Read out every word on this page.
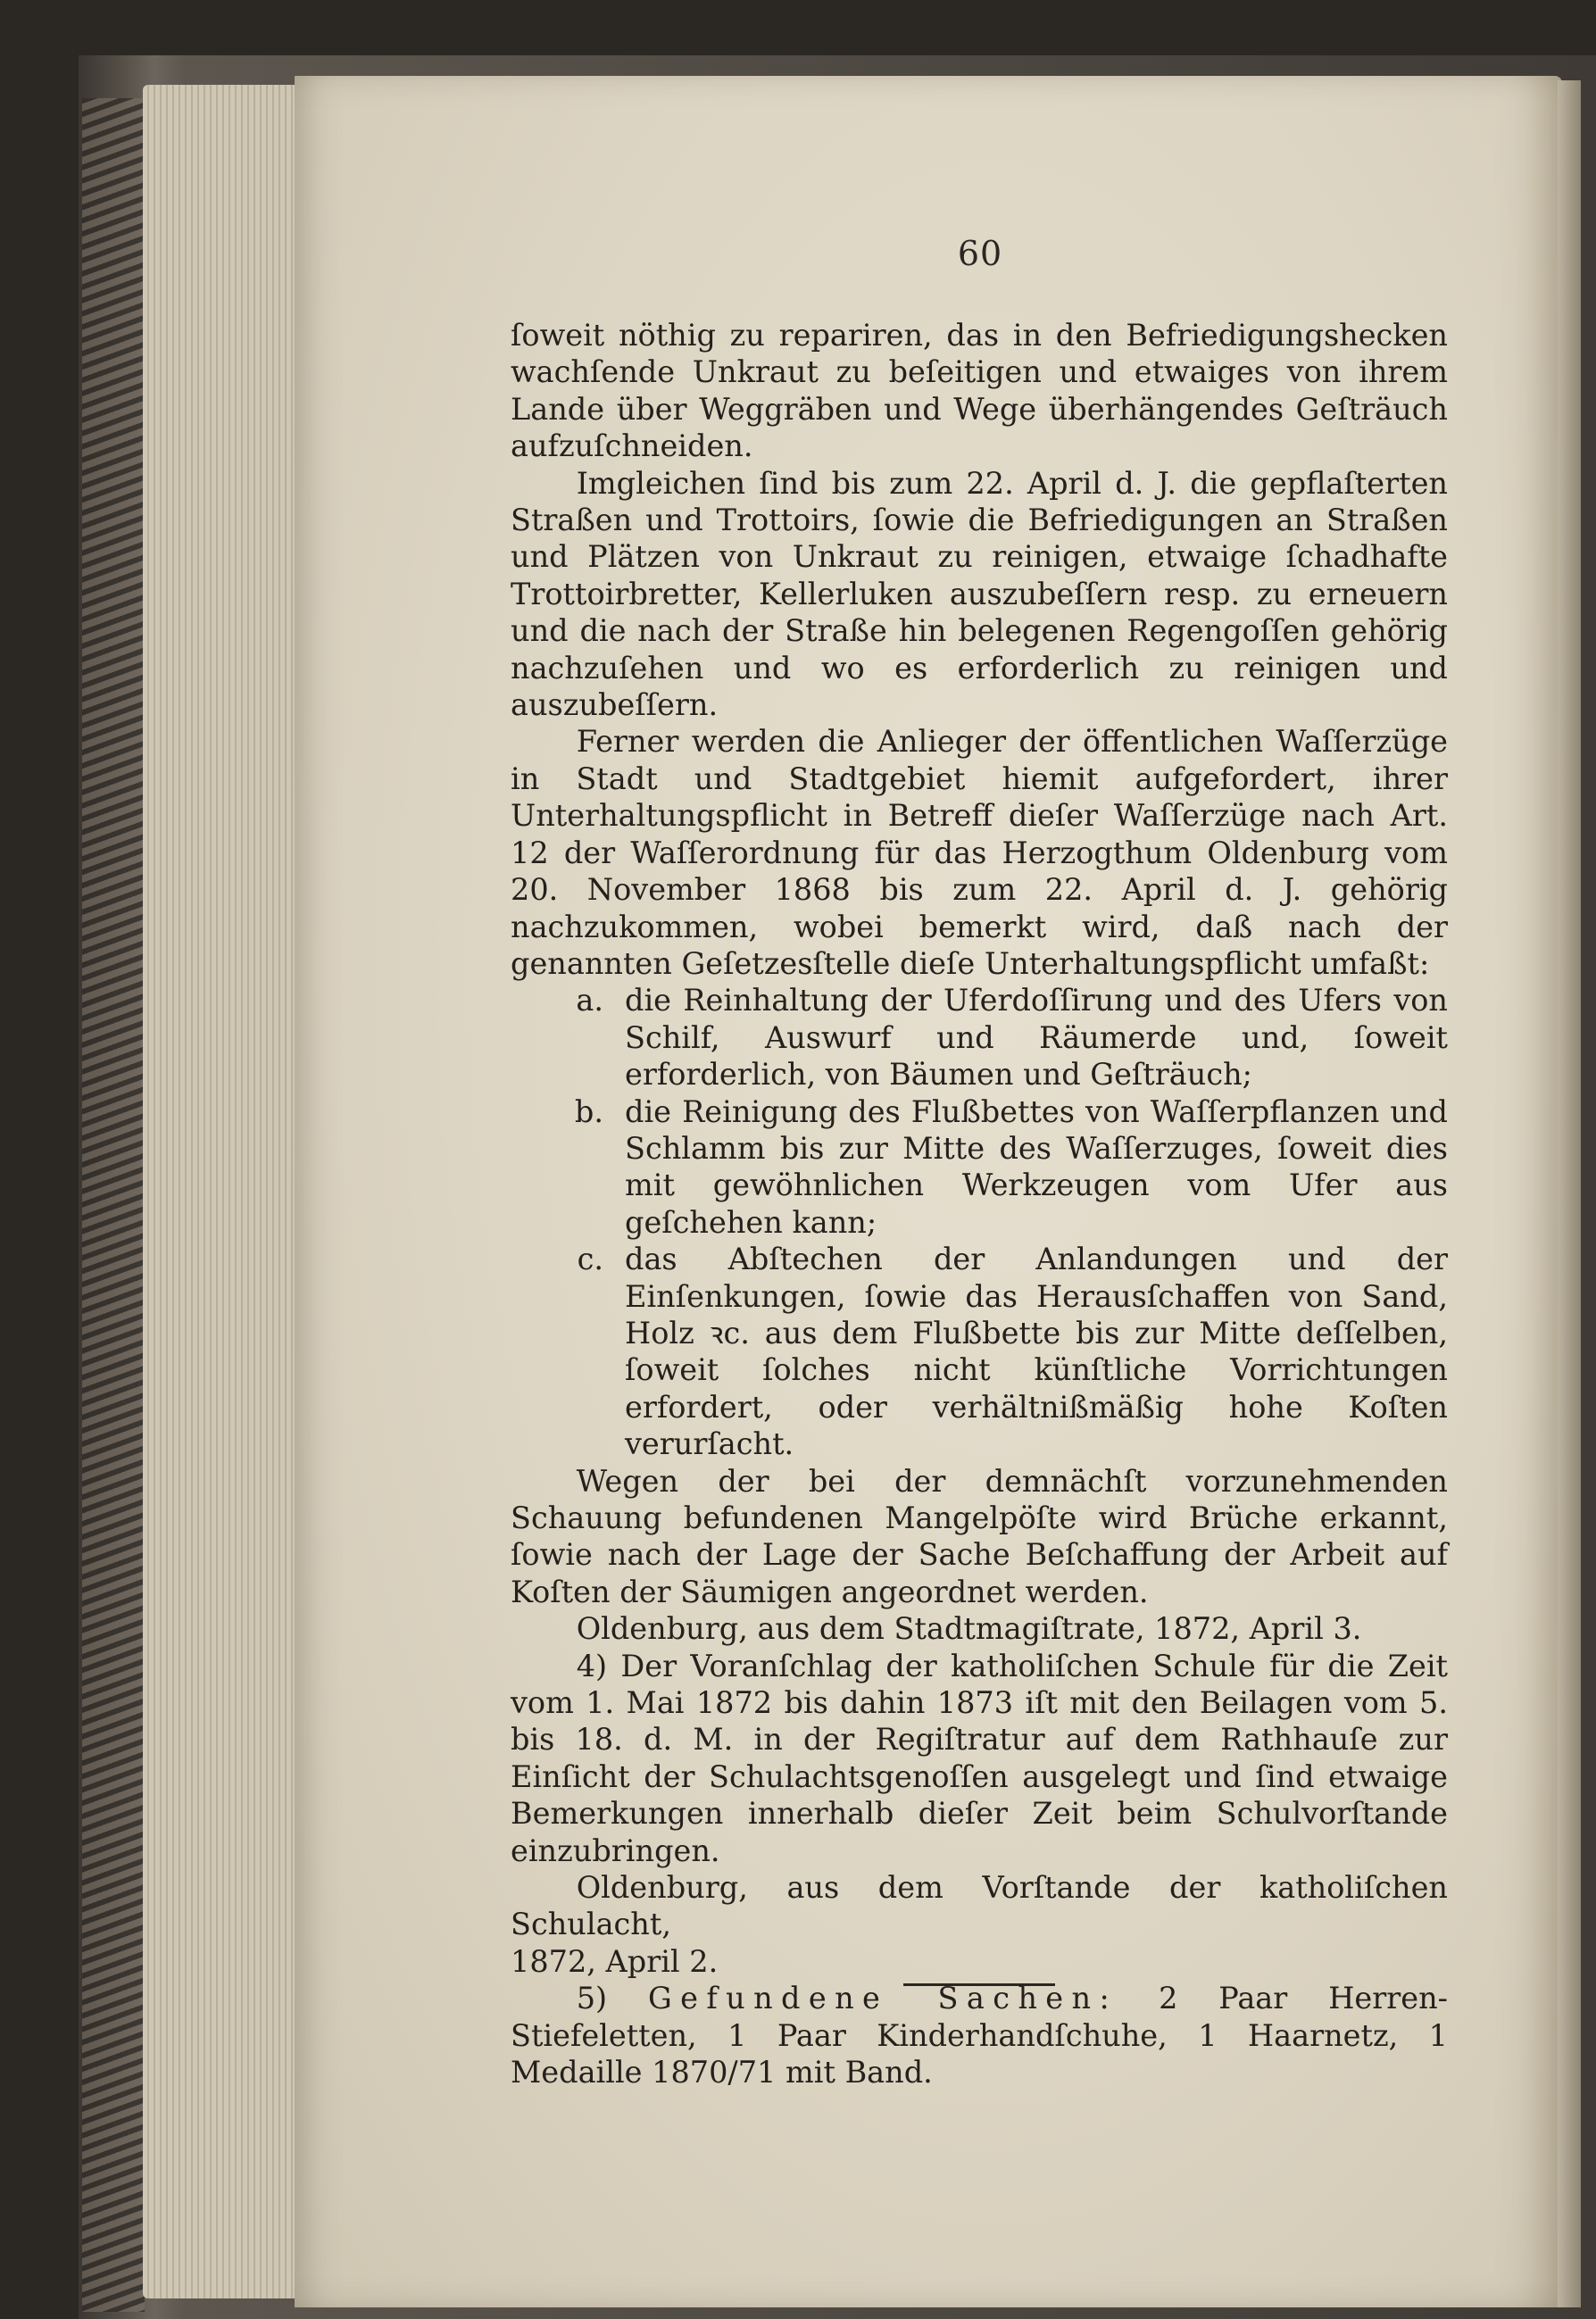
60

ſoweit nöthig zu repariren, das in den Befriedigungshecken wachſende Unkraut zu beſeitigen und etwaiges von ihrem Lande über Weggräben und Wege überhängendes Geſträuch aufzuſchneiden.

Imgleichen ſind bis zum 22. April d. J. die gepflaſterten Straßen und Trottoirs, ſowie die Befriedigungen an Straßen und Plätzen von Unkraut zu reinigen, etwaige ſchadhafte Trottoirbretter, Kellerluken auszubeſſern resp. zu erneuern und die nach der Straße hin belegenen Regengoſſen gehörig nachzuſehen und wo es erforderlich zu reinigen und auszubeſſern.

Ferner werden die Anlieger der öffentlichen Waſſerzüge in Stadt und Stadtgebiet hiemit aufgefordert, ihrer Unterhaltungspflicht in Betreff dieſer Waſſerzüge nach Art. 12 der Waſſerordnung für das Herzogthum Oldenburg vom 20. November 1868 bis zum 22. April d. J. gehörig nachzukommen, wobei bemerkt wird, daß nach der genannten Geſetzesſtelle dieſe Unterhaltungspflicht umfaßt:

a. die Reinhaltung der Uferdoſſirung und des Ufers von Schilf, Auswurf und Räumerde und, ſoweit erforderlich, von Bäumen und Geſträuch;
b. die Reinigung des Flußbettes von Waſſerpflanzen und Schlamm bis zur Mitte des Waſſerzuges, ſoweit dies mit gewöhnlichen Werkzeugen vom Ufer aus geſchehen kann;
c. das Abſtechen der Anlandungen und der Einſenkungen, ſowie das Herausſchaffen von Sand, Holz ꝛc. aus dem Flußbette bis zur Mitte deſſelben, ſoweit ſolches nicht künſtliche Vorrichtungen erfordert, oder verhältnißmäßig hohe Koſten verurſacht.

Wegen der bei der demnächſt vorzunehmenden Schauung befundenen Mangelpöſte wird Brüche erkannt, ſowie nach der Lage der Sache Beſchaffung der Arbeit auf Koſten der Säumigen angeordnet werden.

Oldenburg, aus dem Stadtmagiſtrate, 1872, April 3.

4) Der Voranſchlag der katholiſchen Schule für die Zeit vom 1. Mai 1872 bis dahin 1873 iſt mit den Beilagen vom 5. bis 18. d. M. in der Regiſtratur auf dem Rathhauſe zur Einſicht der Schulachtsgenoſſen ausgelegt und ſind etwaige Bemerkungen innerhalb dieſer Zeit beim Schulvorſtande einzubringen.

Oldenburg, aus dem Vorſtande der katholiſchen Schulacht,

1872, April 2.

5) Gefundene Sachen: 2 Paar Herren-Stiefeletten, 1 Paar Kinderhandſchuhe, 1 Haarnetz, 1 Medaille 1870/71 mit Band.
